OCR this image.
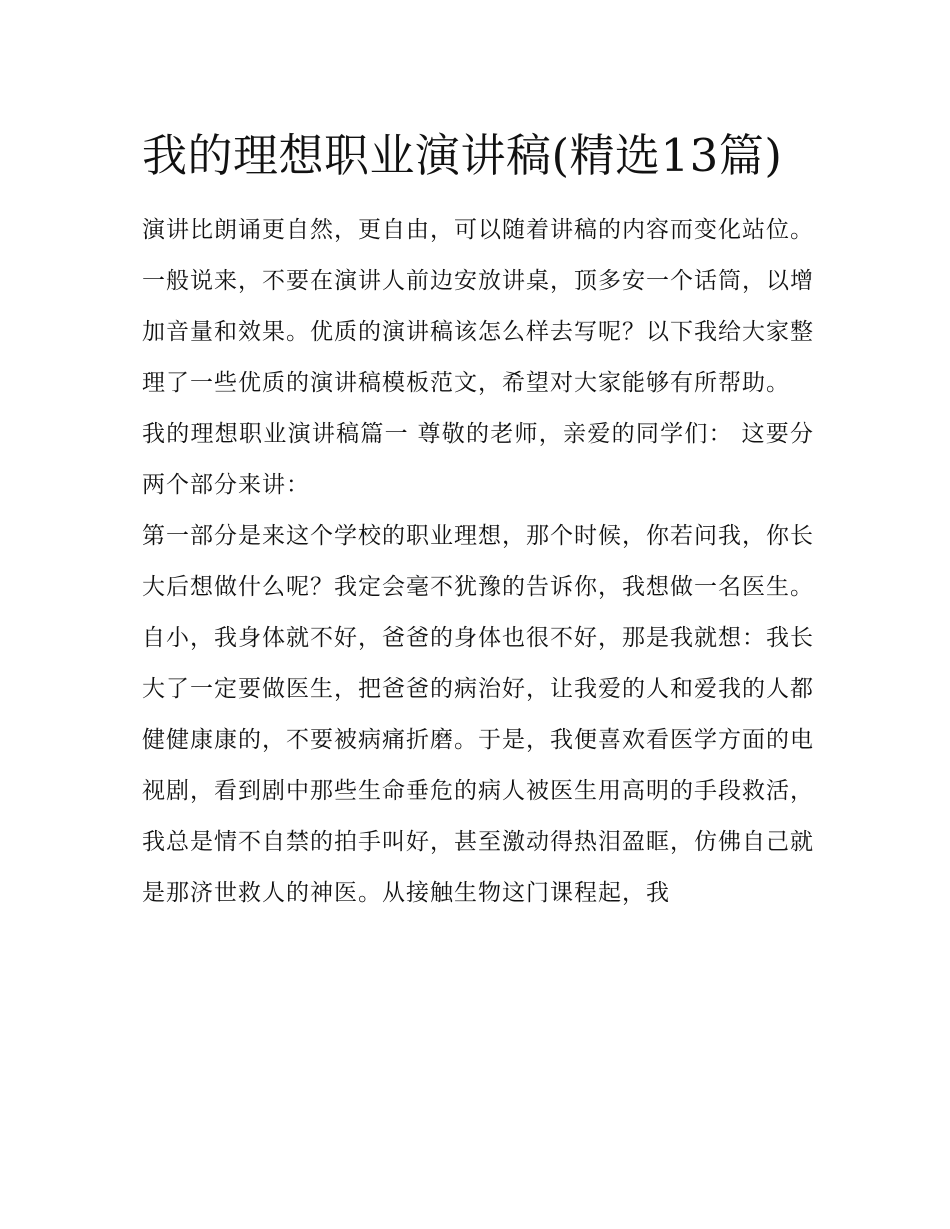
我的理想职业演讲稿(精选13篇)

演讲比朗诵更自然，更自由，可以随着讲稿的内容而变化站位。一般说来，不要在演讲人前边安放讲桌，顶多安一个话筒，以增加音量和效果。优质的演讲稿该怎么样去写呢？以下我给大家整理了一些优质的演讲稿模板范文，希望对大家能够有所帮助。

我的理想职业演讲稿篇一 尊敬的老师，亲爱的同学们： 这要分两个部分来讲：

第一部分是来这个学校的职业理想，那个时候，你若问我，你长大后想做什么呢？我定会毫不犹豫的告诉你，我想做一名医生。

自小，我身体就不好，爸爸的身体也很不好，那是我就想：我长大了一定要做医生，把爸爸的病治好，让我爱的人和爱我的人都健健康康的，不要被病痛折磨。于是，我便喜欢看医学方面的电视剧，看到剧中那些生命垂危的病人被医生用高明的手段救活，我总是情不自禁的拍手叫好，甚至激动得热泪盈眶，仿佛自己就是那济世救人的神医。从接触生物这门课程起，我
